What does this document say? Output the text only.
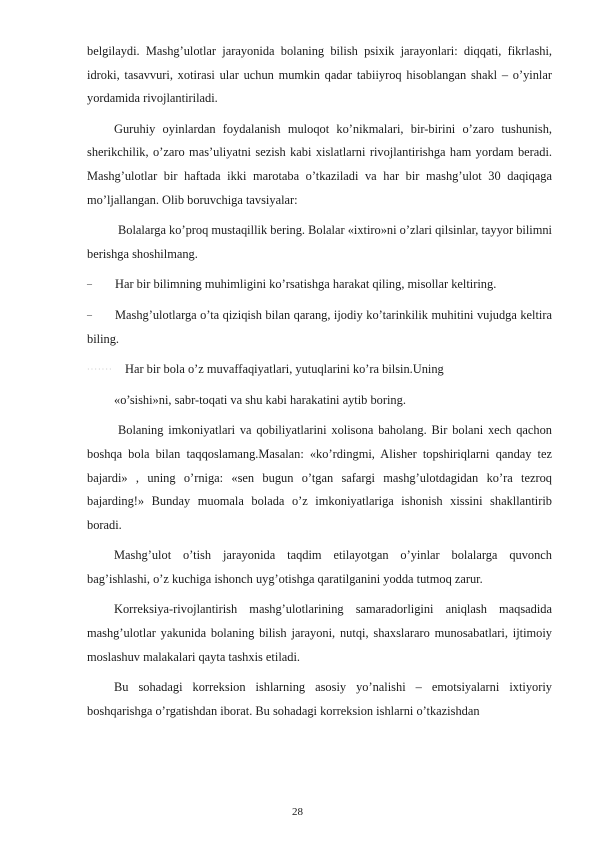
belgilaydi. Mashg’ulotlar jarayonida bolaning bilish psixik jarayonlari: diqqati, fikrlashi, idroki, tasavvuri, xotirasi ular uchun mumkin qadar tabiiyroq hisoblangan shakl – o’yinlar yordamida rivojlantiriladi.

Guruhiy oyinlardan foydalanish muloqot ko’nikmalari, bir-birini o’zaro tushunish, sherikchilik, o’zaro mas’uliyatni sezish kabi xislatlarni rivojlantirishga ham yordam beradi. Mashg’ulotlar bir haftada ikki marotaba o’tkaziladi va har bir mashg’ulot 30 daqiqaga mo’ljallangan. Olib boruvchiga tavsiyalar:

Bolalarga ko’proq mustaqillik bering. Bolalar «ixtiro»ni o’zlari qilsinlar, tayyor bilimni berishga shoshilmang.

–	Har bir bilimning muhimligini ko’rsatishga harakat qiling, misollar keltiring.
–	Mashg’ulotlarga o’ta qiziqish bilan qarang, ijodiy ko’tarinkilik muhitini vujudga keltira biling.
······· Har bir bola o’z muvaffaqiyatlari, yutuqlarini ko’ra bilsin.Uning

«o’sishi»ni, sabr-toqati va shu kabi harakatini aytib boring.

Bolaning imkoniyatlari va qobiliyatlarini xolisona baholang. Bir bolani xech qachon boshqa bola bilan taqqoslamang.Masalan: «ko’rdingmi, Alisher topshiriqlarni qanday tez bajardi» , uning o’rniga: «sen bugun o’tgan safargi mashg’ulotdagidan ko’ra tezroq bajarding!» Bunday muomala bolada o’z imkoniyatlariga ishonish xissini shakllantirib boradi.

Mashg’ulot o’tish jarayonida taqdim etilayotgan o’yinlar bolalarga quvonch bag’ishlashi, o’z kuchiga ishonch uyg’otishga qaratilganini yodda tutmoq zarur.

Korreksiya-rivojlantirish mashg’ulotlarining samaradorligini aniqlash maqsadida mashg’ulotlar yakunida bolaning bilish jarayoni, nutqi, shaxslararo munosabatlari, ijtimoiy moslashuv malakalari qayta tashxis etiladi.

Bu sohadagi korreksion ishlarning asosiy yo’nalishi – emotsiyalarni ixtiyoriy boshqarishga o’rgatishdan iborat. Bu sohadagi korreksion ishlarni o’tkazishdan

28
